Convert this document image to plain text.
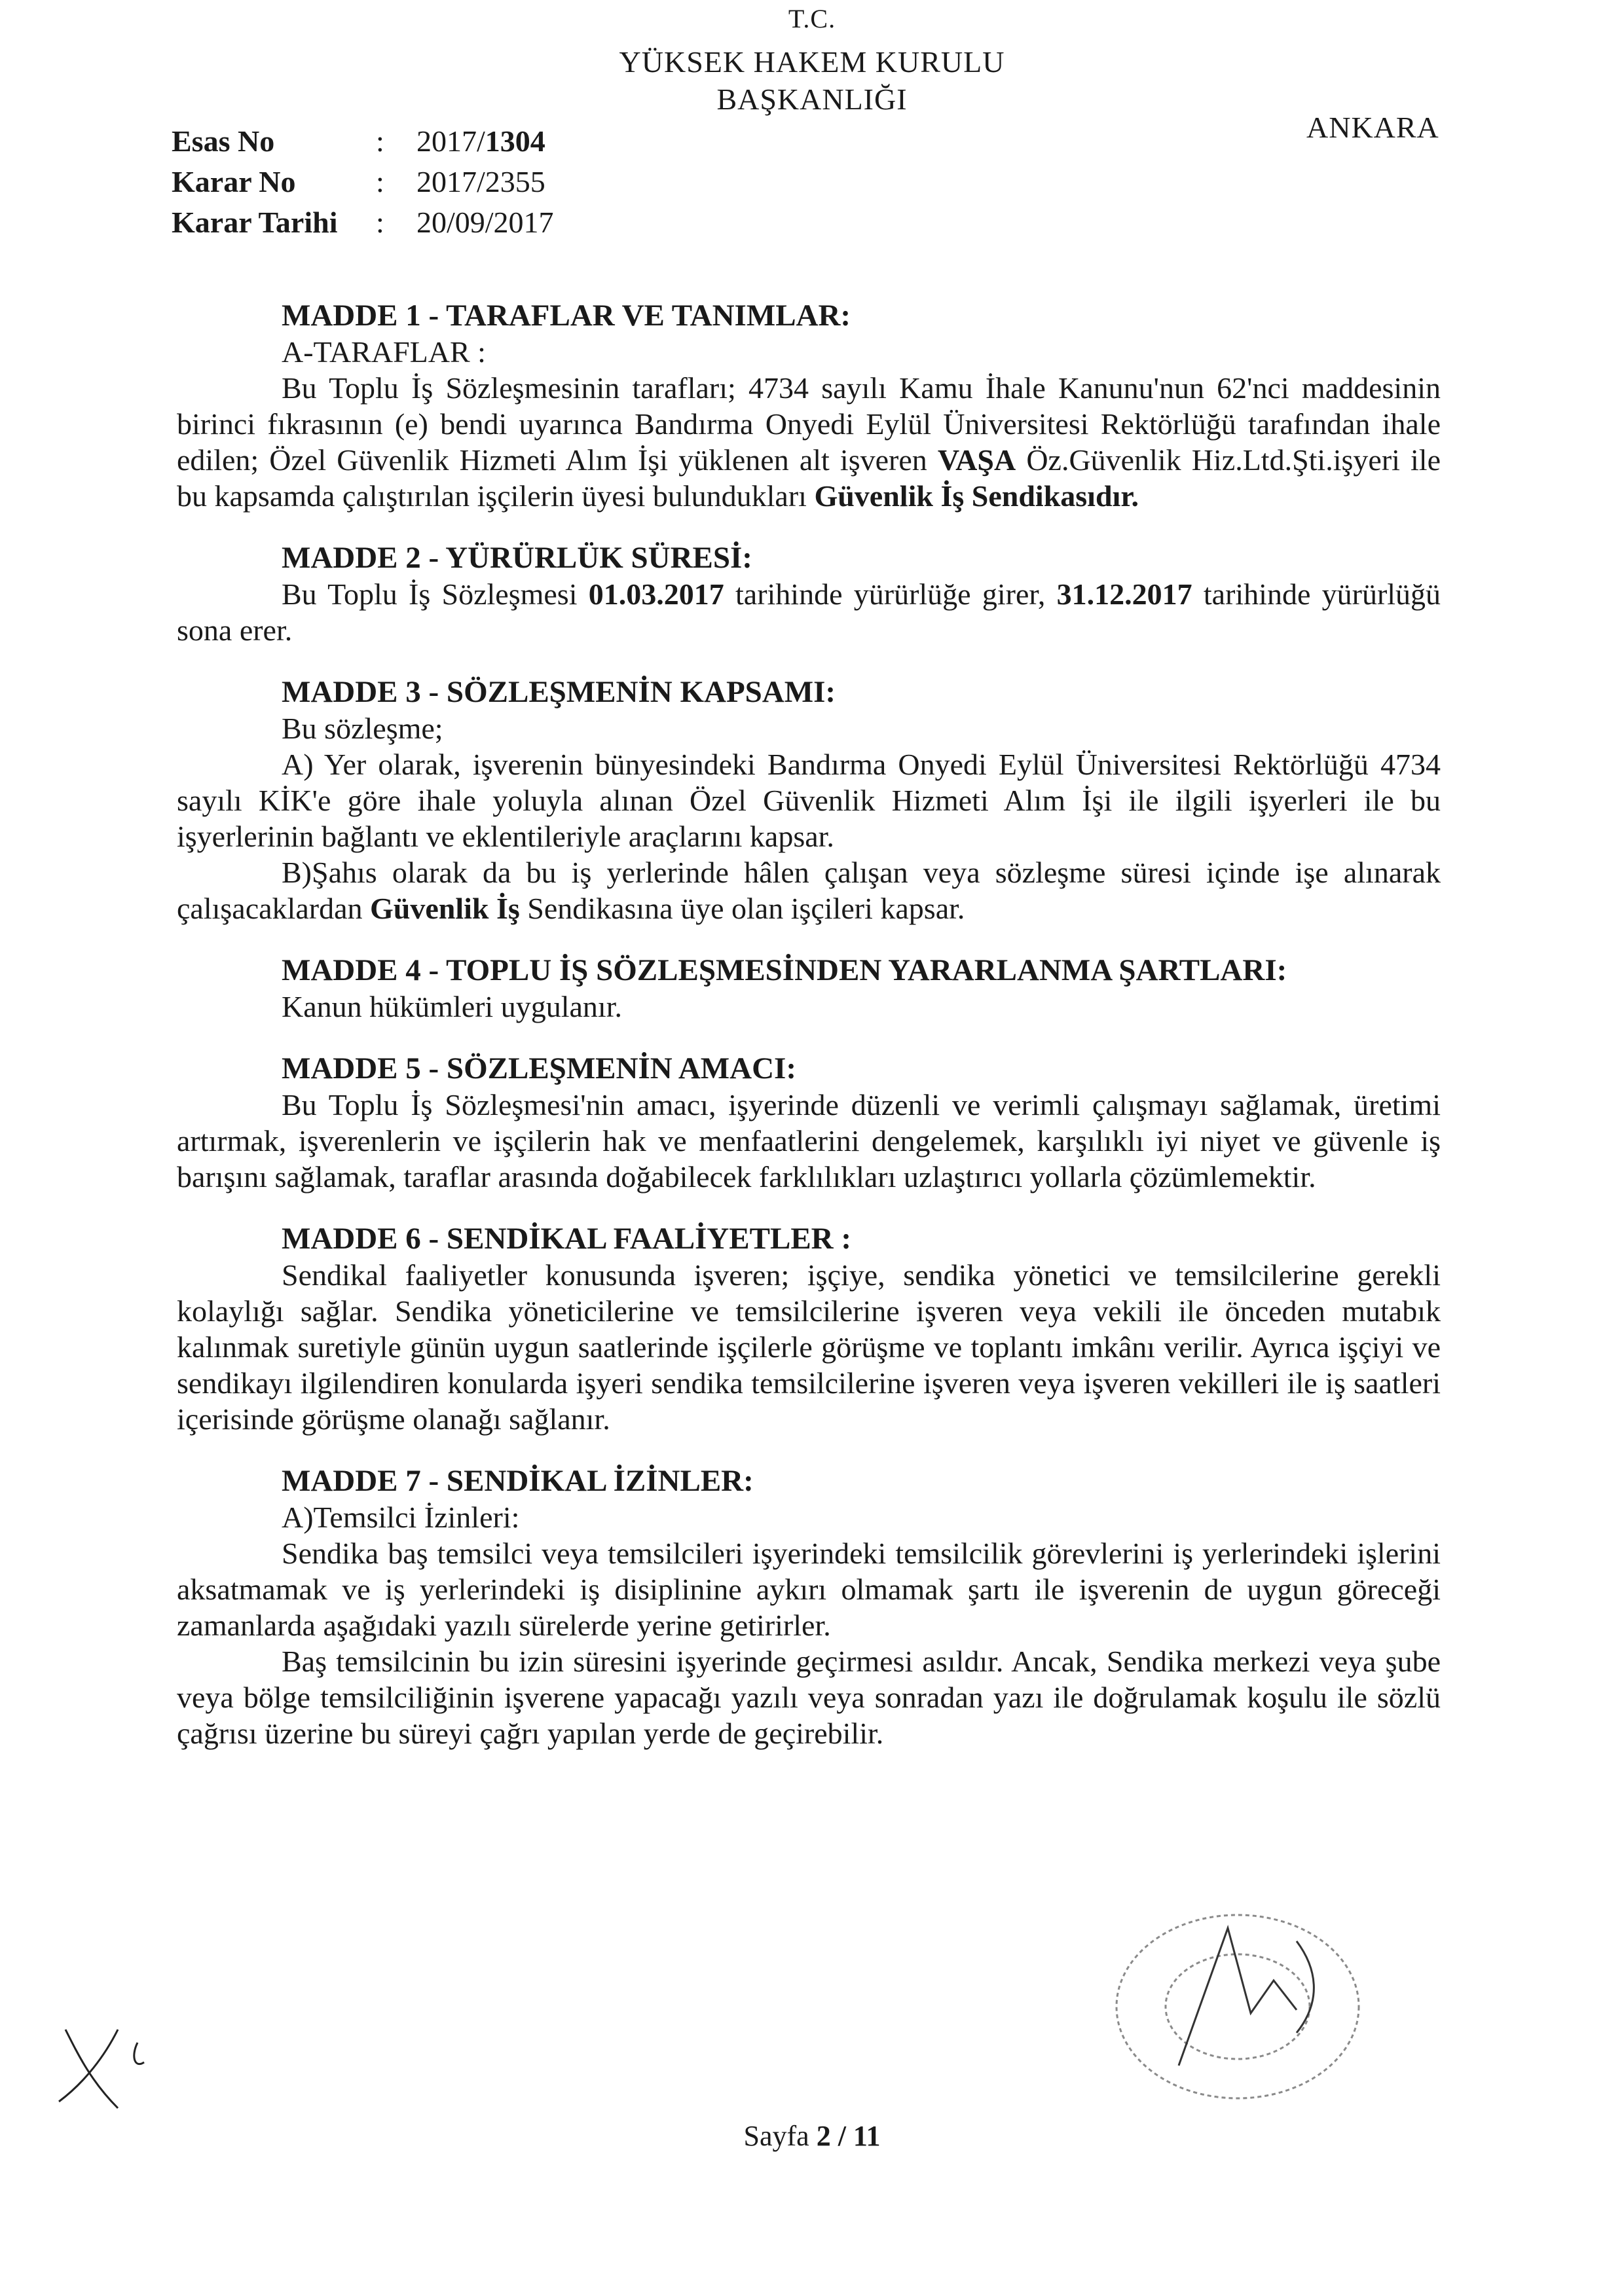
T.C.
YÜKSEK HAKEM KURULU
BAŞKANLIĞI
ANKARA
Esas No	:	2017/1304
Karar No	:	2017/2355
Karar Tarihi	:	20/09/2017
MADDE 1 - TARAFLAR VE TANIMLAR:
A-TARAFLAR :
Bu Toplu İş Sözleşmesinin tarafları; 4734 sayılı Kamu İhale Kanunu'nun 62'nci maddesinin birinci fıkrasının (e) bendi uyarınca Bandırma Onyedi Eylül Üniversitesi Rektörlüğü tarafından ihale edilen; Özel Güvenlik Hizmeti Alım İşi yüklenen alt işveren VAŞA Öz.Güvenlik Hiz.Ltd.Şti.işyeri ile bu kapsamda çalıştırılan işçilerin üyesi bulundukları Güvenlik İş Sendikasıdır.
MADDE 2 - YÜRÜRLÜK SÜRESİ:
Bu Toplu İş Sözleşmesi 01.03.2017 tarihinde yürürlüğe girer, 31.12.2017 tarihinde yürürlüğü sona erer.
MADDE 3 - SÖZLEŞMENİN KAPSAMI:
Bu sözleşme;
A) Yer olarak, işverenin bünyesindeki Bandırma Onyedi Eylül Üniversitesi Rektörlüğü 4734 sayılı KİK'e göre ihale yoluyla alınan Özel Güvenlik Hizmeti Alım İşi ile ilgili işyerleri ile bu işyerlerinin bağlantı ve eklentileriyle araçlarını kapsar.
B)Şahıs olarak da bu iş yerlerinde hâlen çalışan veya sözleşme süresi içinde işe alınarak çalışacaklardan Güvenlik İş Sendikasına üye olan işçileri kapsar.
MADDE 4 - TOPLU İŞ SÖZLEŞMESİNDEN YARARLANMA ŞARTLARI:
Kanun hükümleri uygulanır.
MADDE 5 - SÖZLEŞMENİN AMACI:
Bu Toplu İş Sözleşmesi'nin amacı, işyerinde düzenli ve verimli çalışmayı sağlamak, üretimi artırmak, işverenlerin ve işçilerin hak ve menfaatlerini dengelemek, karşılıklı iyi niyet ve güvenle iş barışını sağlamak, taraflar arasında doğabilecek farklılıkları uzlaştırıcı yollarla çözümlemektir.
MADDE 6 - SENDİKAL FAALİYETLER :
Sendikal faaliyetler konusunda işveren; işçiye, sendika yönetici ve temsilcilerine gerekli kolaylığı sağlar. Sendika yöneticilerine ve temsilcilerine işveren veya vekili ile önceden mutabık kalınmak suretiyle günün uygun saatlerinde işçilerle görüşme ve toplantı imkânı verilir. Ayrıca işçiyi ve sendikayı ilgilendiren konularda işyeri sendika temsilcilerine işveren veya işveren vekilleri ile iş saatleri içerisinde görüşme olanağı sağlanır.
MADDE 7 - SENDİKAL İZİNLER:
A)Temsilci İzinleri:
Sendika baş temsilci veya temsilcileri işyerindeki temsilcilik görevlerini iş yerlerindeki işlerini aksatmamak ve iş yerlerindeki iş disiplinine aykırı olmamak şartı ile işverenin de uygun göreceği zamanlarda aşağıdaki yazılı sürelerde yerine getirirler.
Baş temsilcinin bu izin süresini işyerinde geçirmesi asıldır. Ancak, Sendika merkezi veya şube veya bölge temsilciliğinin işverene yapacağı yazılı veya sonradan yazı ile doğrulamak koşulu ile sözlü çağrısı üzerine bu süreyi çağrı yapılan yerde de geçirebilir.
Sayfa 2 / 11
